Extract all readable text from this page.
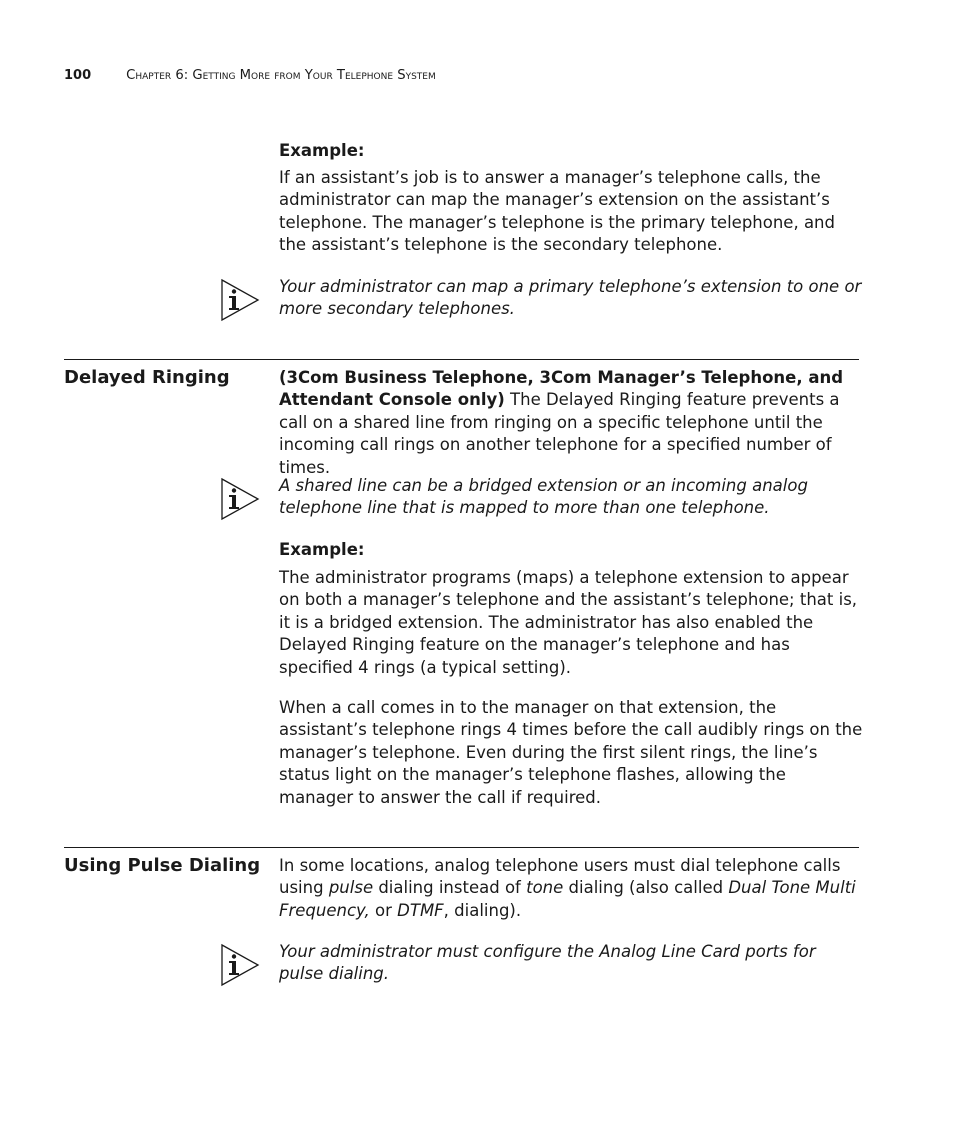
100	Chapter 6: Getting More from Your Telephone System
Example:
If an assistant’s job is to answer a manager’s telephone calls, the administrator can map the manager’s extension on the assistant’s telephone. The manager’s telephone is the primary telephone, and the assistant’s telephone is the secondary telephone.
Your administrator can map a primary telephone’s extension to one or more secondary telephones.
Delayed Ringing	(3Com Business Telephone, 3Com Manager’s Telephone, and Attendant Console only) The Delayed Ringing feature prevents a call on a shared line from ringing on a specific telephone until the incoming call rings on another telephone for a specified number of times.
A shared line can be a bridged extension or an incoming analog telephone line that is mapped to more than one telephone.
Example:
The administrator programs (maps) a telephone extension to appear on both a manager’s telephone and the assistant’s telephone; that is, it is a bridged extension. The administrator has also enabled the Delayed Ringing feature on the manager’s telephone and has specified 4 rings (a typical setting).
When a call comes in to the manager on that extension, the assistant’s telephone rings 4 times before the call audibly rings on the manager’s telephone. Even during the first silent rings, the line’s status light on the manager’s telephone flashes, allowing the manager to answer the call if required.
Using Pulse Dialing In some locations, analog telephone users must dial telephone calls using pulse dialing instead of tone dialing (also called Dual Tone Multi Frequency, or DTMF, dialing).
Your administrator must configure the Analog Line Card ports for pulse dialing.
